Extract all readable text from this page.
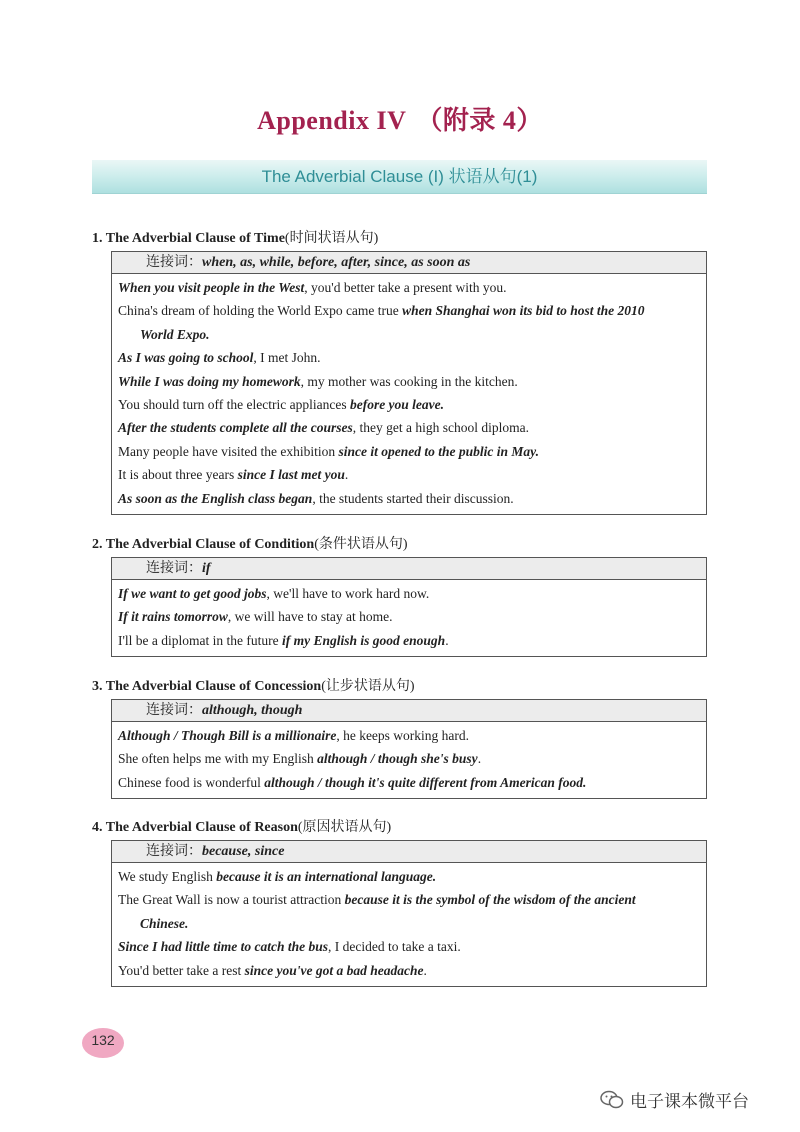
Appendix IV （附录 4）
The Adverbial Clause (I) 状语从句(1)
1. The Adverbial Clause of Time(时间状语从句)
连接词：when, as, while, before, after, since, as soon as
When you visit people in the West, you'd better take a present with you.
China's dream of holding the World Expo came true when Shanghai won its bid to host the 2010
World Expo.
As I was going to school, I met John.
While I was doing my homework, my mother was cooking in the kitchen.
You should turn off the electric appliances before you leave.
After the students complete all the courses, they get a high school diploma.
Many people have visited the exhibition since it opened to the public in May.
It is about three years since I last met you.
As soon as the English class began, the students started their discussion.
2. The Adverbial Clause of Condition(条件状语从句)
连接词：if
If we want to get good jobs, we'll have to work hard now.
If it rains tomorrow, we will have to stay at home.
I'll be a diplomat in the future if my English is good enough.
3. The Adverbial Clause of Concession(让步状语从句)
连接词：although, though
Although / Though Bill is a millionaire, he keeps working hard.
She often helps me with my English although / though she's busy.
Chinese food is wonderful although / though it's quite different from American food.
4. The Adverbial Clause of Reason(原因状语从句)
连接词：because, since
We study English because it is an international language.
The Great Wall is now a tourist attraction because it is the symbol of the wisdom of the ancient
Chinese.
Since I had little time to catch the bus, I decided to take a taxi.
You'd better take a rest since you've got a bad headache.
132
电子课本微平台
